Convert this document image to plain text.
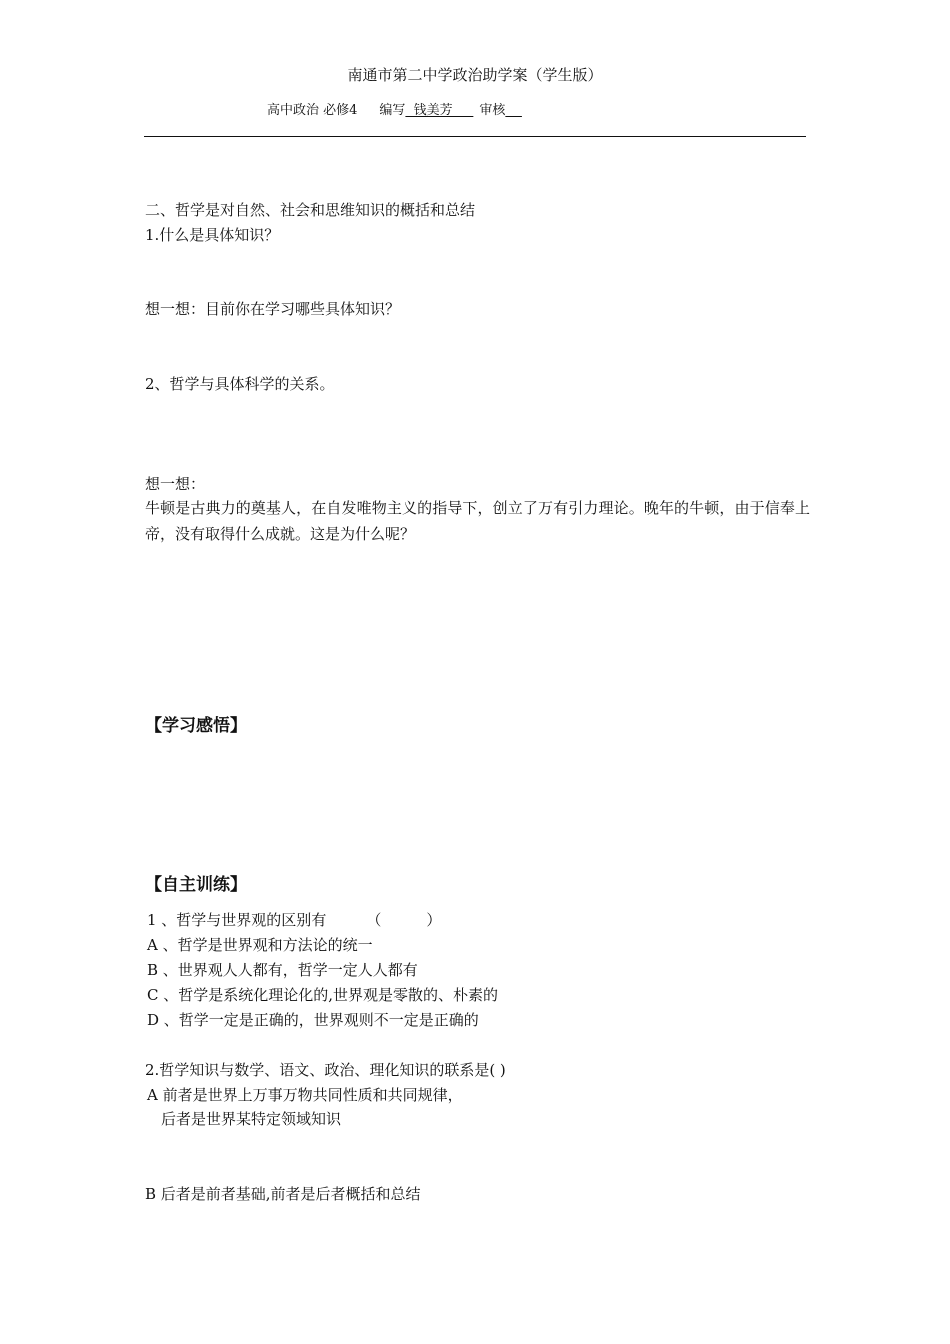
南通市第二中学政治助学案（学生版）
高中政治 必修4 编写  钱美芳     审核
二、哲学是对自然、社会和思维知识的概括和总结
1.什么是具体知识？
想一想：目前你在学习哪些具体知识？
2、哲学与具体科学的关系。
想一想：
牛顿是古典力的奠基人，在自发唯物主义的指导下，创立了万有引力理论。晚年的牛顿，由于信奉上帝，没有取得什么成就。这是为什么呢？
【学习感悟】
【自主训练】
1 、哲学与世界观的区别有	（　　　）
A 、哲学是世界观和方法论的统一
B 、世界观人人都有，哲学一定人人都有
C 、哲学是系统化理论化的,世界观是零散的、朴素的
D 、哲学一定是正确的，世界观则不一定是正确的
2.哲学知识与数学、语文、政治、理化知识的联系是( )
A 前者是世界上万事万物共同性质和共同规律，
后者是世界某特定领域知识
B 后者是前者基础,前者是后者概括和总结
